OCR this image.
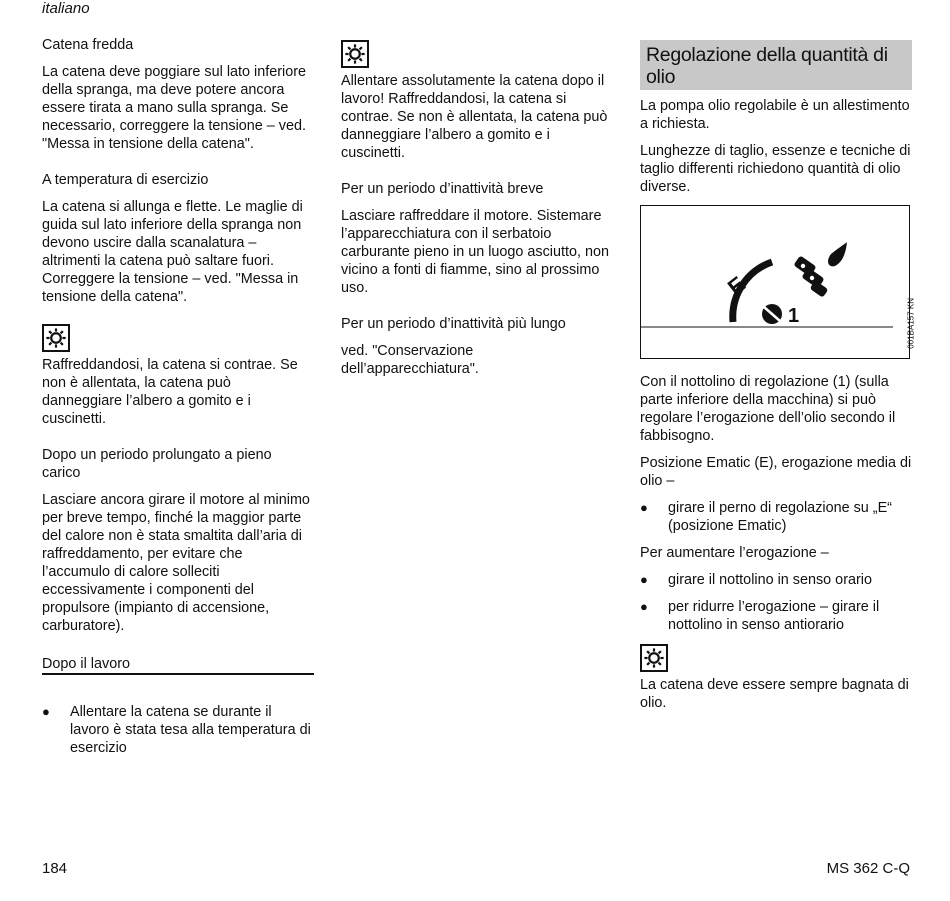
italiano

Catena fredda

La catena deve poggiare sul lato inferiore della spranga, ma deve potere ancora essere tirata a mano sulla spranga. Se necessario, correggere la tensione – ved. "Messa in tensione della catena".

A temperatura di esercizio

La catena si allunga e flette. Le maglie di guida sul lato inferiore della spranga non devono uscire dalla scanalatura – altrimenti la catena può saltare fuori. Correggere la tensione – ved. "Messa in tensione della catena".

Raffreddandosi, la catena si contrae. Se non è allentata, la catena può danneggiare l’albero a gomito e i cuscinetti.

Dopo un periodo prolungato a pieno carico

Lasciare ancora girare il motore al minimo per breve tempo, finché la maggior parte del calore non è stata smaltita dall’aria di raffreddamento, per evitare che l’accumulo di calore solleciti eccessivamente i componenti del propulsore (impianto di accensione, carburatore).

Dopo il lavoro

●	Allentare la catena se durante il lavoro è stata tesa alla temperatura di esercizio

Allentare assolutamente la catena dopo il lavoro! Raffreddandosi, la catena si contrae. Se non è allentata, la catena può danneggiare l’albero a gomito e i cuscinetti.

Per un periodo d’inattività breve

Lasciare raffreddare il motore. Sistemare l’apparecchiatura con il serbatoio carburante pieno in un luogo asciutto, non vicino a fonti di fiamme, sino al prossimo uso.

Per un periodo d’inattività più lungo

ved. "Conservazione dell’apparecchiatura".

Regolazione della quantità di olio

La pompa olio regolabile è un allestimento a richiesta.

Lunghezze di taglio, essenze e tecniche di taglio differenti richiedono quantità di olio diverse.

E
1	001BA157 KN

Con il nottolino di regolazione (1) (sulla parte inferiore della macchina) si può regolare l’erogazione dell’olio secondo il fabbisogno.

Posizione Ematic (E), erogazione media di olio –

●	girare il perno di regolazione su „E“ (posizione Ematic)

Per aumentare l’erogazione –

●	girare il nottolino in senso orario

●	per ridurre l’erogazione – girare il nottolino in senso antiorario

La catena deve essere sempre bagnata di olio.

184	MS 362 C-Q
